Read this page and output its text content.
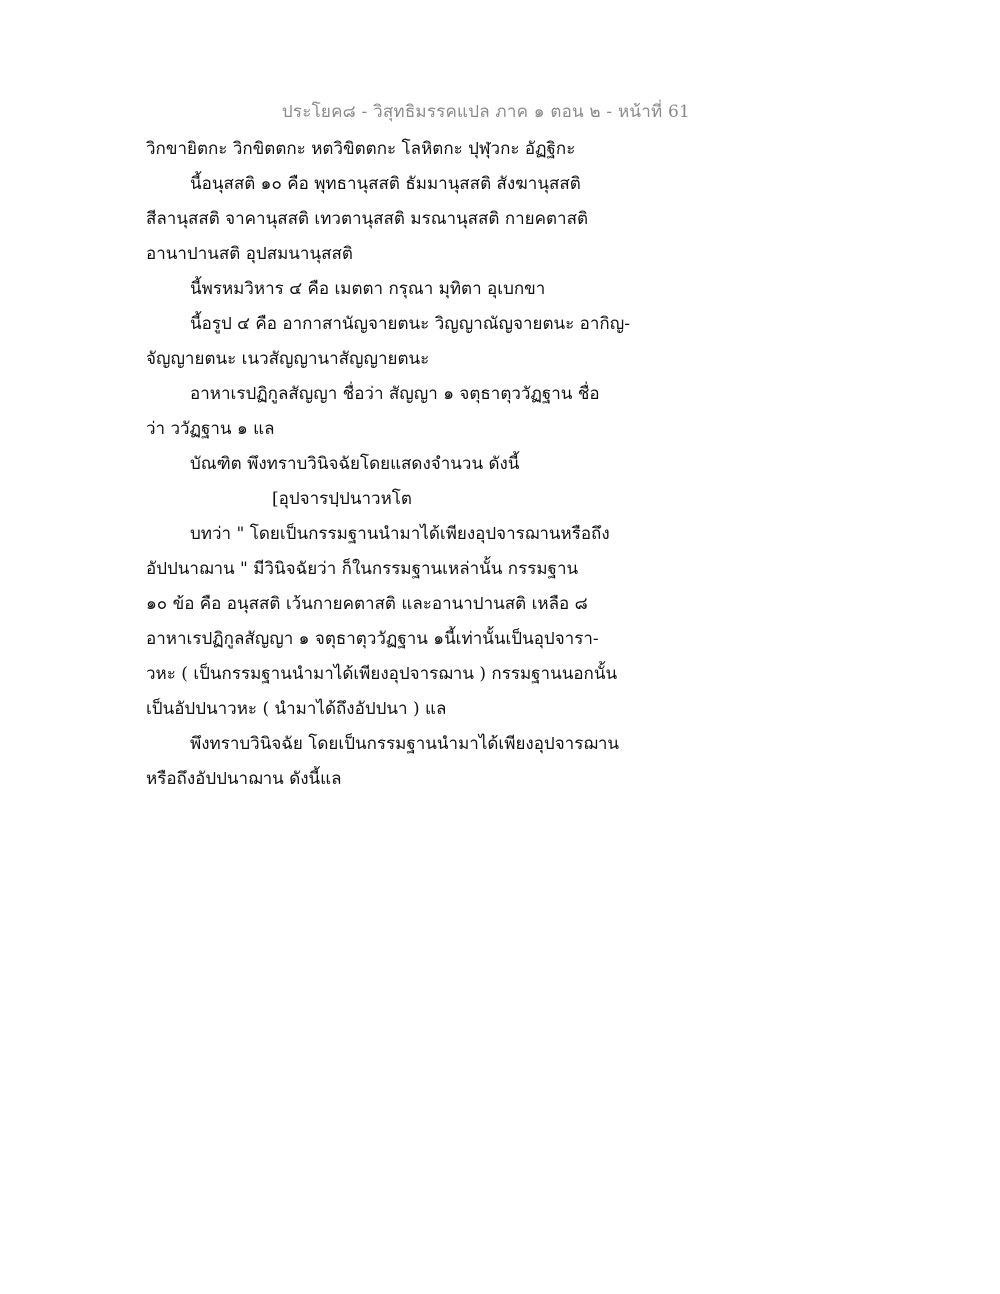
ประโยค๘ - วิสุทธิมรรคแปล ภาค ๑ ตอน ๒ - หน้าที่ 61
วิกขายิตกะ วิกขิตตกะ หตวิขิตตกะ โลหิตกะ ปุฬุวกะ อัฏฐิกะ
นี้อนุสสติ ๑๐ คือ พุทธานุสสติ ธัมมานุสสติ สังฆานุสสติ
สีลานุสสติ จาคานุสสติ เทวตานุสสติ มรณานุสสติ กายคตาสติ
อานาปานสติ อุปสมนานุสสติ
นี้พรหมวิหาร ๔ คือ เมตตา กรุณา มุทิตา อุเบกขา
นี้อรูป ๔ คือ อากาสานัญจายตนะ วิญญาณัญจายตนะ อากิญ-
จัญญายตนะ เนวสัญญานาสัญญายตนะ
อาหาเรปฏิกูลสัญญา ชื่อว่า สัญญา ๑ จตุธาตุววัฏฐาน ชื่อ
ว่า ววัฏฐาน ๑ แล
บัณฑิต พึงทราบวินิจฉัยโดยแสดงจำนวน ดังนี้
[อุปจารปฺปนาวหโต
บทว่า " โดยเป็นกรรมฐานนำมาได้เพียงอุปจารฌานหรือถึง
อัปปนาฌาน " มีวินิจฉัยว่า ก็ในกรรมฐานเหล่านั้น กรรมฐาน
๑๐ ข้อ คือ อนุสสติ เว้นกายคตาสติ และอานาปานสติ เหลือ ๘
อาหาเรปฏิกูลสัญญา ๑ จตุธาตุววัฏฐาน ๑นี้เท่านั้นเป็นอุปจารา-
วหะ ( เป็นกรรมฐานนำมาได้เพียงอุปจารฌาน ) กรรมฐานนอกนั้น
เป็นอัปปนาวหะ ( นำมาได้ถึงอัปปนา ) แล
พึงทราบวินิจฉัย โดยเป็นกรรมฐานนำมาได้เพียงอุปจารฌาน
หรือถึงอัปปนาฌาน ดังนี้แล
